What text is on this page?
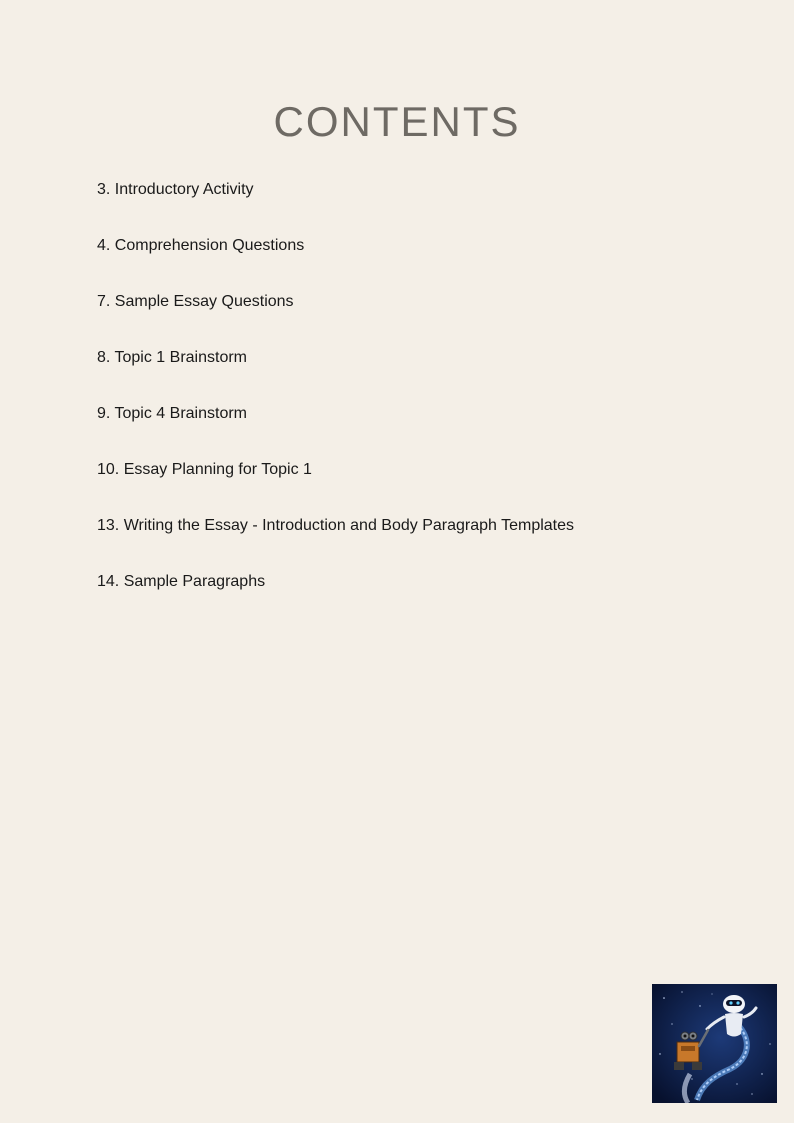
CONTENTS
3. Introductory Activity
4. Comprehension Questions
7. Sample Essay Questions
8. Topic 1 Brainstorm
9. Topic 4 Brainstorm
10. Essay Planning for Topic 1
13. Writing the Essay - Introduction and Body Paragraph Templates
14. Sample Paragraphs
